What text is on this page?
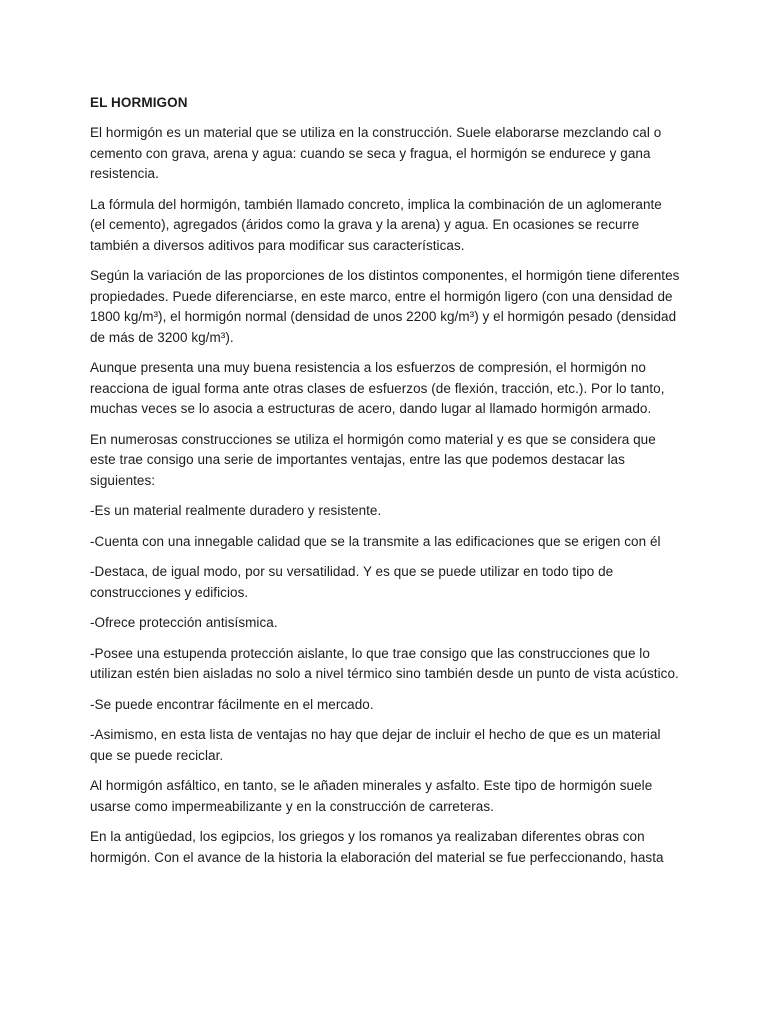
EL HORMIGON

El hormigón es un material que se utiliza en la construcción. Suele elaborarse mezclando cal o cemento con grava, arena y agua: cuando se seca y fragua, el hormigón se endurece y gana resistencia.

La fórmula del hormigón, también llamado concreto, implica la combinación de un aglomerante (el cemento), agregados (áridos como la grava y la arena) y agua. En ocasiones se recurre también a diversos aditivos para modificar sus características.

Según la variación de las proporciones de los distintos componentes, el hormigón tiene diferentes propiedades. Puede diferenciarse, en este marco, entre el hormigón ligero (con una densidad de 1800 kg/m³), el hormigón normal (densidad de unos 2200 kg/m³) y el hormigón pesado (densidad de más de 3200 kg/m³).

Aunque presenta una muy buena resistencia a los esfuerzos de compresión, el hormigón no reacciona de igual forma ante otras clases de esfuerzos (de flexión, tracción, etc.). Por lo tanto, muchas veces se lo asocia a estructuras de acero, dando lugar al llamado hormigón armado.

En numerosas construcciones se utiliza el hormigón como material y es que se considera que este trae consigo una serie de importantes ventajas, entre las que podemos destacar las siguientes:

-Es un material realmente duradero y resistente.

-Cuenta con una innegable calidad que se la transmite a las edificaciones que se erigen con él

-Destaca, de igual modo, por su versatilidad. Y es que se puede utilizar en todo tipo de construcciones y edificios.

-Ofrece protección antisísmica.

-Posee una estupenda protección aislante, lo que trae consigo que las construcciones que lo utilizan estén bien aisladas no solo a nivel térmico sino también desde un punto de vista acústico.

-Se puede encontrar fácilmente en el mercado.

-Asimismo, en esta lista de ventajas no hay que dejar de incluir el hecho de que es un material que se puede reciclar.

Al hormigón asfáltico, en tanto, se le añaden minerales y asfalto. Este tipo de hormigón suele usarse como impermeabilizante y en la construcción de carreteras.

En la antigüedad, los egipcios, los griegos y los romanos ya realizaban diferentes obras con hormigón. Con el avance de la historia la elaboración del material se fue perfeccionando, hasta
